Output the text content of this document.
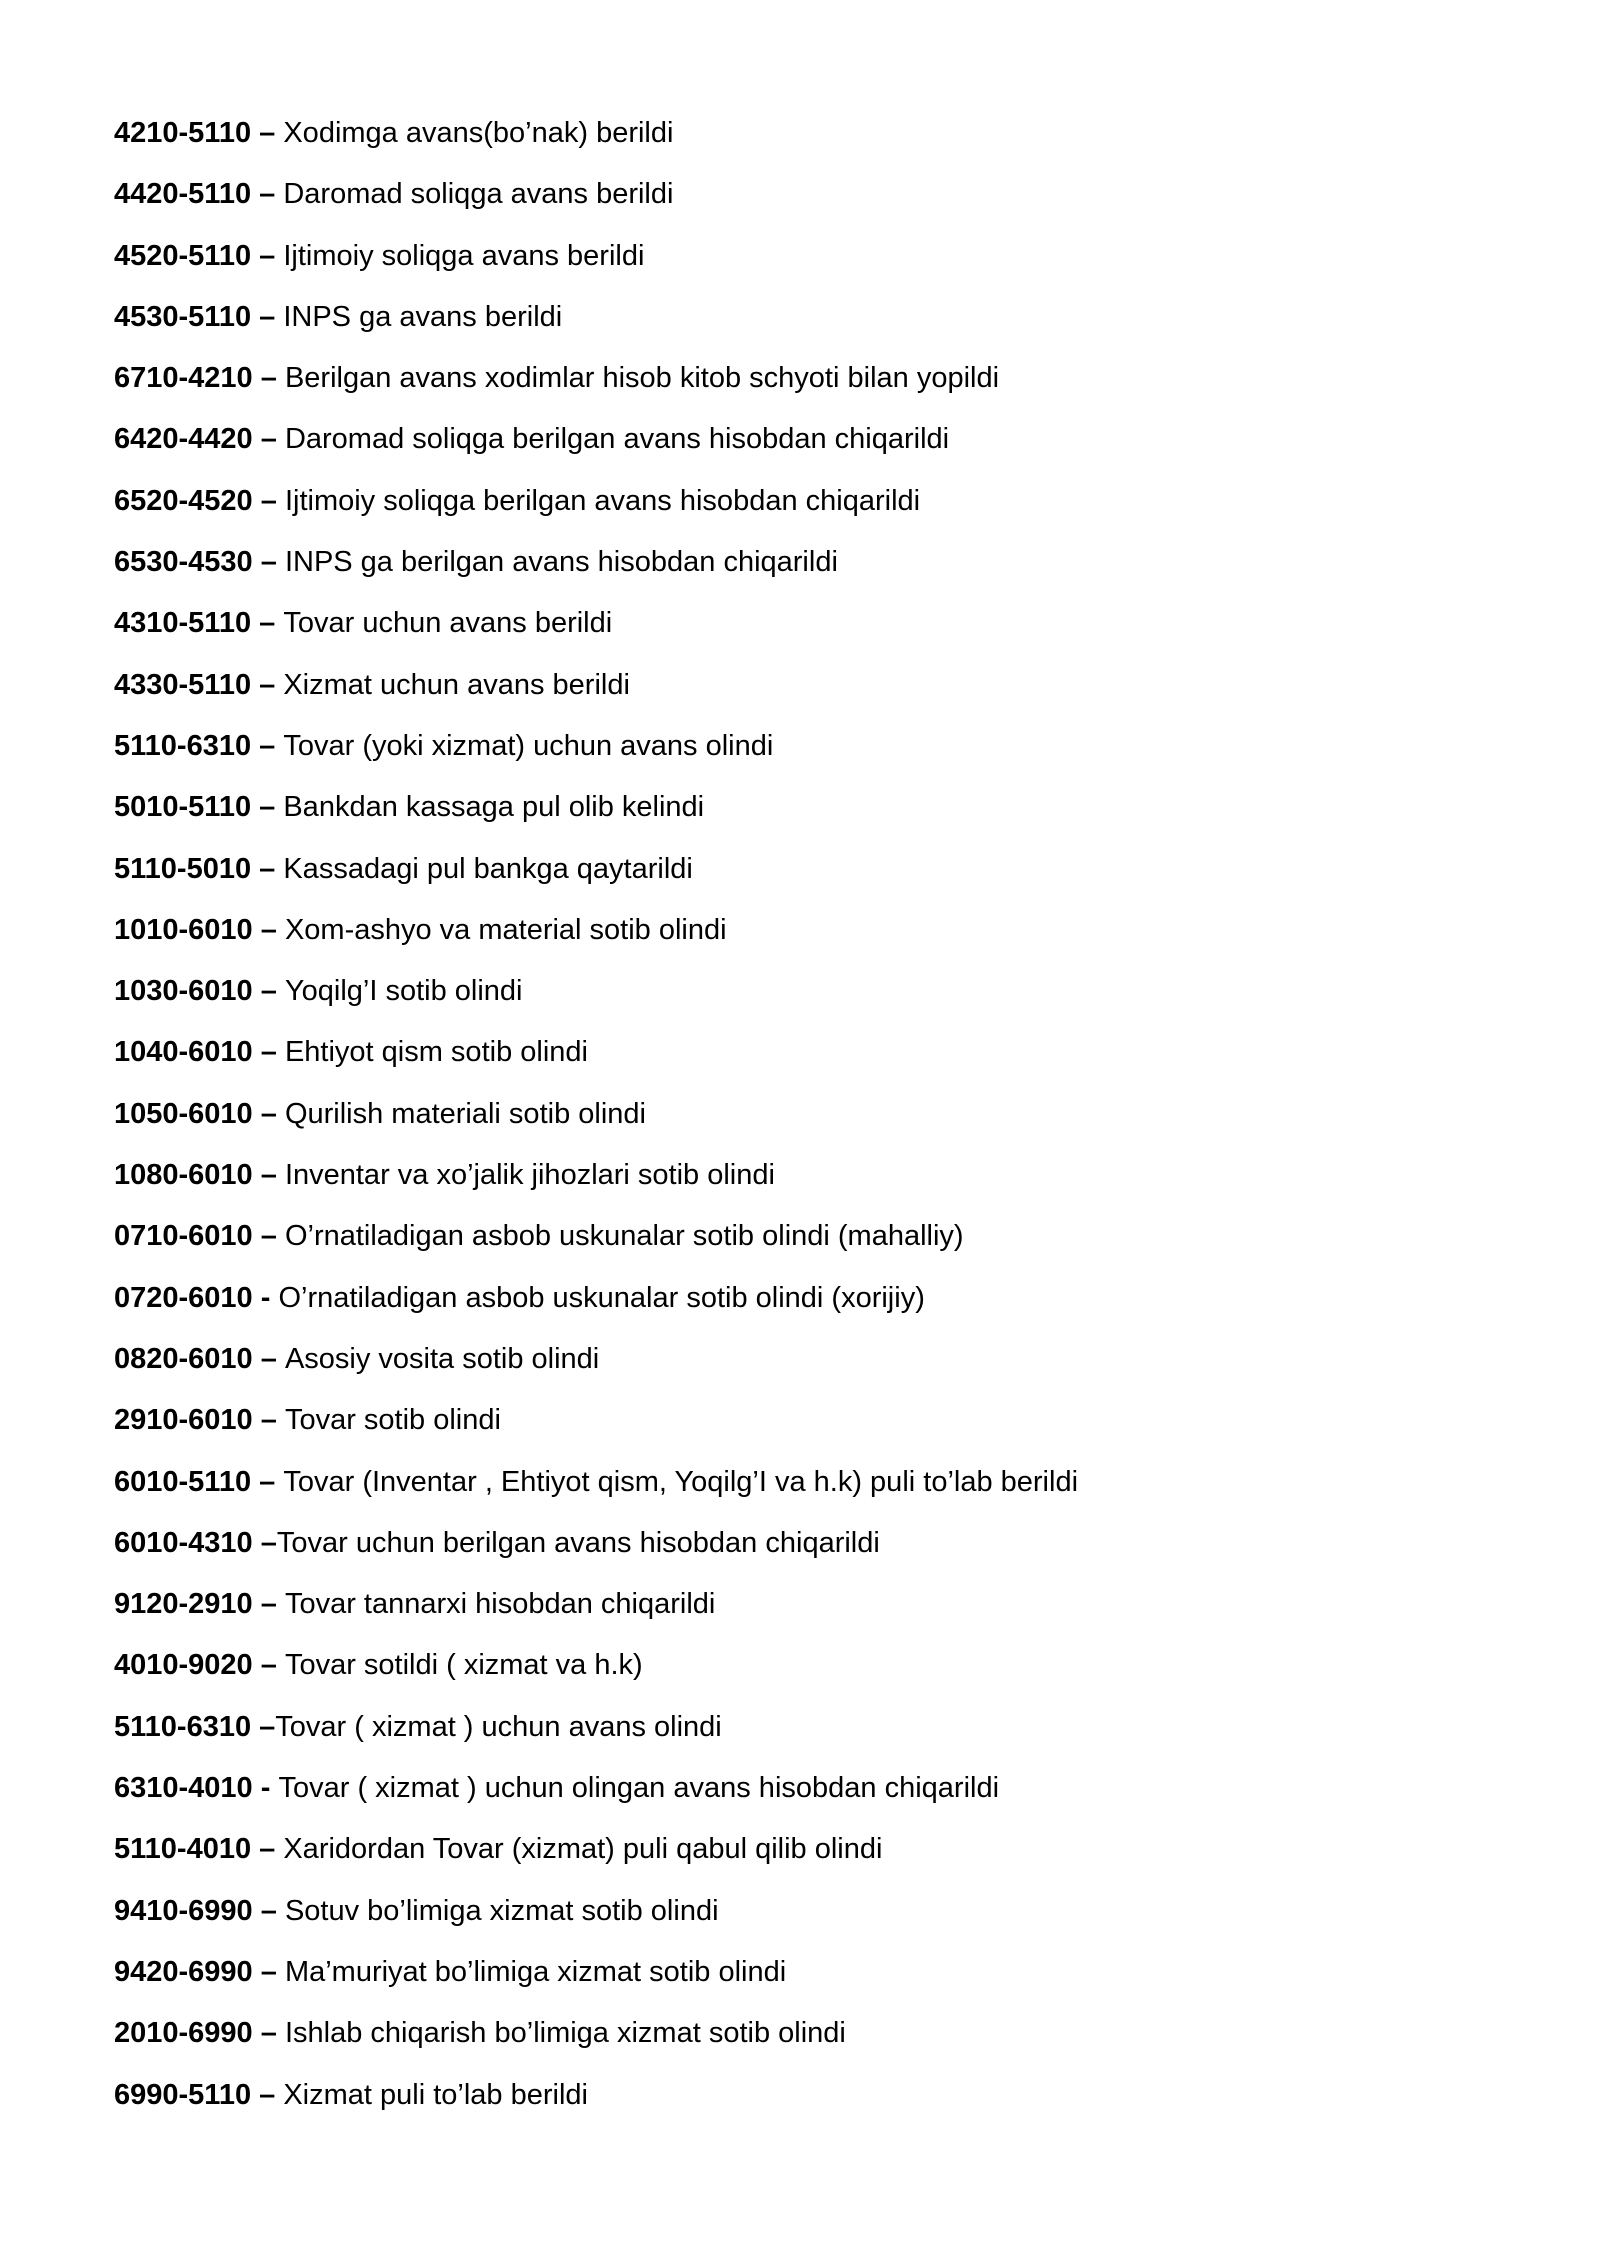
4210-5110 – Xodimga avans(bo’nak) berildi
4420-5110 – Daromad soliqga avans berildi
4520-5110 – Ijtimoiy soliqga avans berildi
4530-5110 – INPS ga avans berildi
6710-4210 – Berilgan avans xodimlar hisob kitob schyoti bilan yopildi
6420-4420 – Daromad soliqga berilgan avans hisobdan chiqarildi
6520-4520 – Ijtimoiy soliqga berilgan avans hisobdan chiqarildi
6530-4530 – INPS ga berilgan avans hisobdan chiqarildi
4310-5110 – Tovar uchun avans berildi
4330-5110 – Xizmat uchun avans berildi
5110-6310 – Tovar (yoki xizmat) uchun avans olindi
5010-5110 – Bankdan kassaga pul olib kelindi
5110-5010 – Kassadagi pul bankga qaytarildi
1010-6010 – Xom-ashyo va material sotib olindi
1030-6010 – Yoqilg’I sotib olindi
1040-6010 – Ehtiyot qism sotib olindi
1050-6010 – Qurilish materiali sotib olindi
1080-6010 – Inventar va xo’jalik jihozlari sotib olindi
0710-6010 – O’rnatiladigan asbob uskunalar sotib olindi (mahalliy)
0720-6010 - O’rnatiladigan asbob uskunalar sotib olindi (xorijiy)
0820-6010 – Asosiy vosita sotib olindi
2910-6010 – Tovar sotib olindi
6010-5110 – Tovar (Inventar , Ehtiyot qism, Yoqilg’I va h.k) puli to’lab berildi
6010-4310 –Tovar uchun berilgan avans hisobdan chiqarildi
9120-2910 – Tovar tannarxi hisobdan chiqarildi
4010-9020 – Tovar sotildi ( xizmat va h.k)
5110-6310 –Tovar ( xizmat ) uchun avans olindi
6310-4010 - Tovar ( xizmat ) uchun olingan avans hisobdan chiqarildi
5110-4010 – Xaridordan Tovar (xizmat) puli qabul qilib olindi
9410-6990 – Sotuv bo’limiga xizmat sotib olindi
9420-6990 – Ma’muriyat bo’limiga xizmat sotib olindi
2010-6990 – Ishlab chiqarish bo’limiga xizmat sotib olindi
6990-5110 – Xizmat puli to’lab berildi
